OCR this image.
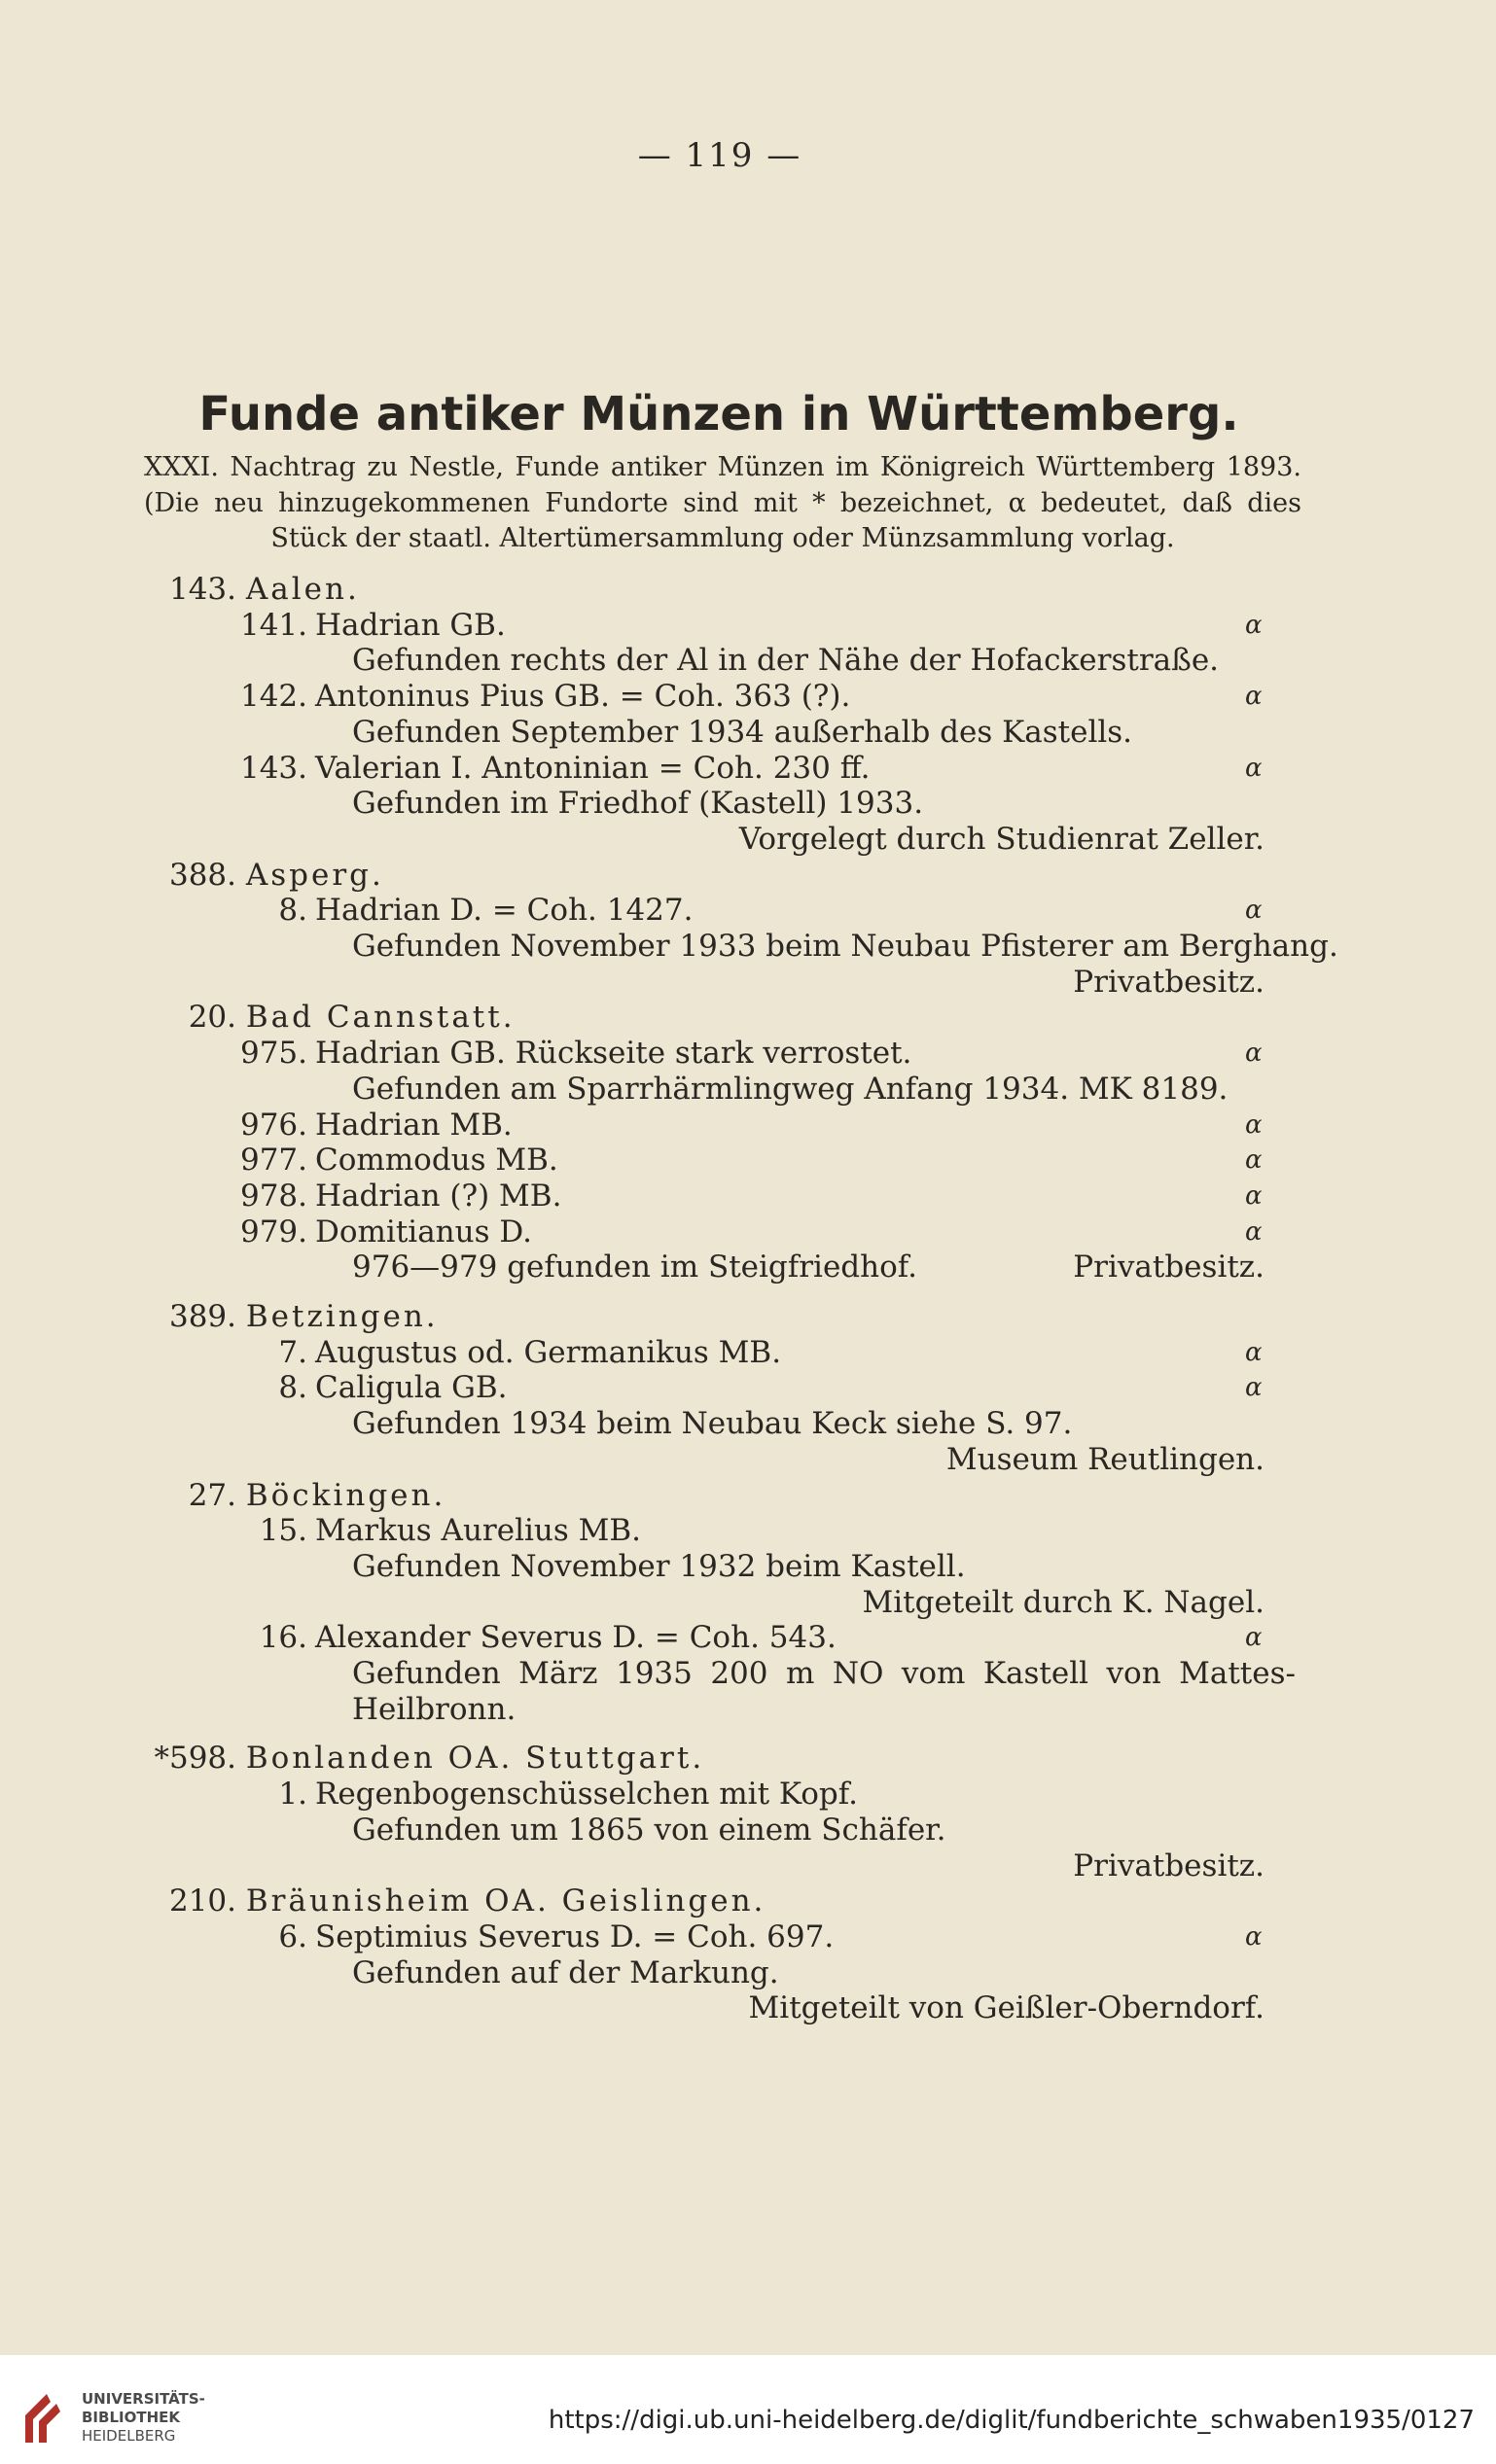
— 119 —
Funde antiker Münzen in Württemberg.
XXXI. Nachtrag zu Nestle, Funde antiker Münzen im Königreich Württemberg 1893.
(Die neu hinzugekommenen Fundorte sind mit * bezeichnet, α bedeutet, daß dies
Stück der staatl. Altertümersammlung oder Münzsammlung vorlag.
143. Aalen.
141. Hadrian GB.	α
Gefunden rechts der Al in der Nähe der Hofackerstraße.
142. Antoninus Pius GB. = Coh. 363 (?).	α
Gefunden September 1934 außerhalb des Kastells.
143. Valerian I. Antoninian = Coh. 230 ff.	α
Gefunden im Friedhof (Kastell) 1933.
Vorgelegt durch Studienrat Zeller.
388. Asperg.
8. Hadrian D. = Coh. 1427.	α
Gefunden November 1933 beim Neubau Pfisterer am Berghang.
Privatbesitz.
20. Bad Cannstatt.
975. Hadrian GB. Rückseite stark verrostet.	α
Gefunden am Sparrhärmlingweg Anfang 1934. MK 8189.
976. Hadrian MB.	α
977. Commodus MB.	α
978. Hadrian (?) MB.	α
979. Domitianus D.	α
Privatbesitz.
976—979 gefunden im Steigfriedhof.
389. Betzingen.
7. Augustus od. Germanikus MB.	α
8. Caligula GB.	α
Gefunden 1934 beim Neubau Keck siehe S. 97.
Museum Reutlingen.
27. Böckingen.
15. Markus Aurelius MB.
Gefunden November 1932 beim Kastell.
Mitgeteilt durch K. Nagel.
16. Alexander Severus D. = Coh. 543.	α
Gefunden März 1935 200 m NO vom Kastell von Mattes-
Heilbronn.
*598. Bonlanden OA. Stuttgart.
1. Regenbogenschüsselchen mit Kopf.
Gefunden um 1865 von einem Schäfer.
Privatbesitz.
210. Bräunisheim OA. Geislingen.
6. Septimius Severus D. = Coh. 697.	α
Gefunden auf der Markung.
Mitgeteilt von Geißler-Oberndorf.
UNIVERSITÄTS-
BIBLIOTHEK
HEIDELBERG
https://digi.ub.uni-heidelberg.de/diglit/fundberichte_schwaben1935/0127
